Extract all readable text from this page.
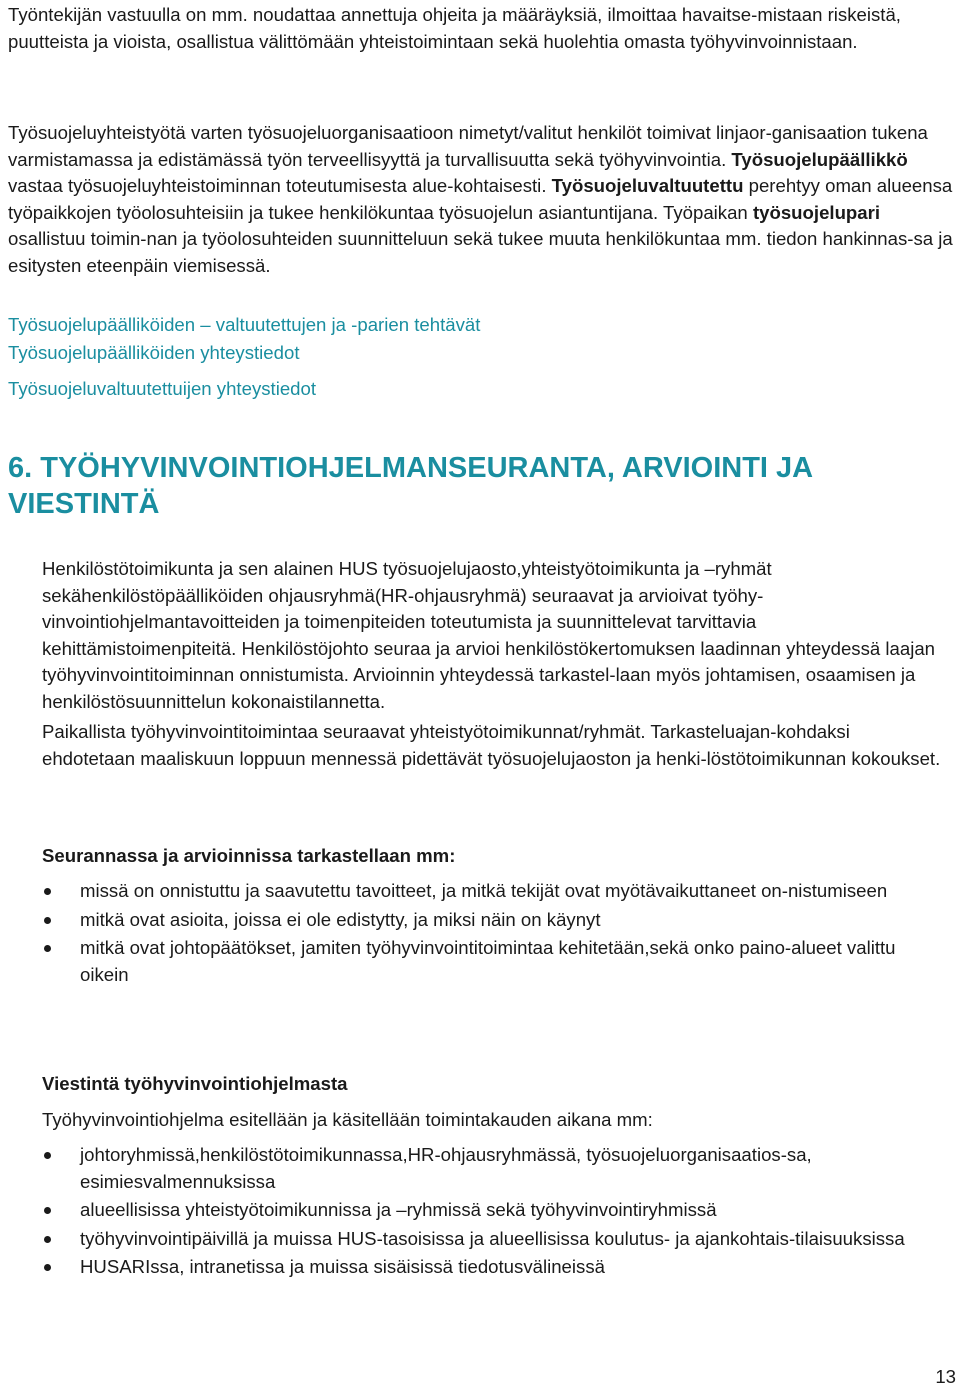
Työntekijän vastuulla on mm. noudattaa annettuja ohjeita ja määräyksiä, ilmoittaa havaitse-mistaan riskeistä, puutteista ja vioista, osallistua välittömään yhteistoimintaan sekä huolehtia omasta työhyvinvoinnistaan.

Työsuojeluyhteistyötä varten työsuojeluorganisaatioon nimetyt/valitut henkilöt toimivat linjaor-ganisaation tukena varmistamassa ja edistämässä työn terveellisyyttä ja turvallisuutta sekä työhyvinvointia. Työsuojelupäällikkö vastaa työsuojeluyhteistoiminnan toteutumisesta alue-kohtaisesti. Työsuojeluvaltuutettu perehtyy oman alueensa työpaikkojen työolosuhteisiin ja tukee henkilökuntaa työsuojelun asiantuntijana. Työpaikan työsuojelupari osallistuu toimin-nan ja työolosuhteiden suunnitteluun sekä tukee muuta henkilökuntaa mm. tiedon hankinnas-sa ja esitysten eteenpäin viemisessä.

Työsuojelupäälliköiden – valtuutettujen ja -parien tehtävät
Työsuojelupäälliköiden yhteystiedot
Työsuojeluvaltuutettuijen yhteystiedot
6. TYÖHYVINVOINTIOHJELMANSEURANTA, ARVIOINTI JA VIESTINTÄ

Henkilöstötoimikunta ja sen alainen HUS työsuojelujaosto,yhteistyötoimikunta ja –ryhmät sekähenkilöstöpäälliköiden ohjausryhmä(HR-ohjausryhmä) seuraavat ja arvioivat työhy-vinvointiohjelmantavoitteiden ja toimenpiteiden toteutumista ja suunnittelevat tarvittavia kehittämistoimenpiteitä. Henkilöstöjohto seuraa ja arvioi henkilöstökertomuksen laadinnan yhteydessä laajan työhyvinvointitoiminnan onnistumista. Arvioinnin yhteydessä tarkastel-laan myös johtamisen, osaamisen ja henkilöstösuunnittelun kokonaistilannetta.

Paikallista työhyvinvointitoimintaa seuraavat yhteistyötoimikunnat/ryhmät. Tarkasteluajan-kohdaksi ehdotetaan maaliskuun loppuun mennessä pidettävät työsuojelujaoston ja henki-löstötoimikunnan kokoukset.

Seurannassa ja arvioinnissa tarkastellaan mm:

missä on onnistuttu ja saavutettu tavoitteet, ja mitkä tekijät ovat myötävaikuttaneet on-nistumiseen
mitkä ovat asioita, joissa ei ole edistytty, ja miksi näin on käynyt
mitkä ovat johtopäätökset, jamiten työhyvinvointitoimintaa kehitetään,sekä onko paino-alueet valittu oikein

Viestintä työhyvinvointiohjelmasta

Työhyvinvointiohjelma esitellään ja käsitellään toimintakauden aikana mm:

johtoryhmissä,henkilöstötoimikunnassa,HR-ohjausryhmässä, työsuojeluorganisaatios-sa, esimiesvalmennuksissa
alueellisissa yhteistyötoimikunnissa ja –ryhmissä sekä työhyvinvointiryhmissä
työhyvinvointipäivillä ja muissa HUS-tasoisissa ja alueellisissa koulutus- ja ajankohtais-tilaisuuksissa
HUSARIssa, intranetissa ja muissa sisäisissä tiedotusvälineissä

13
